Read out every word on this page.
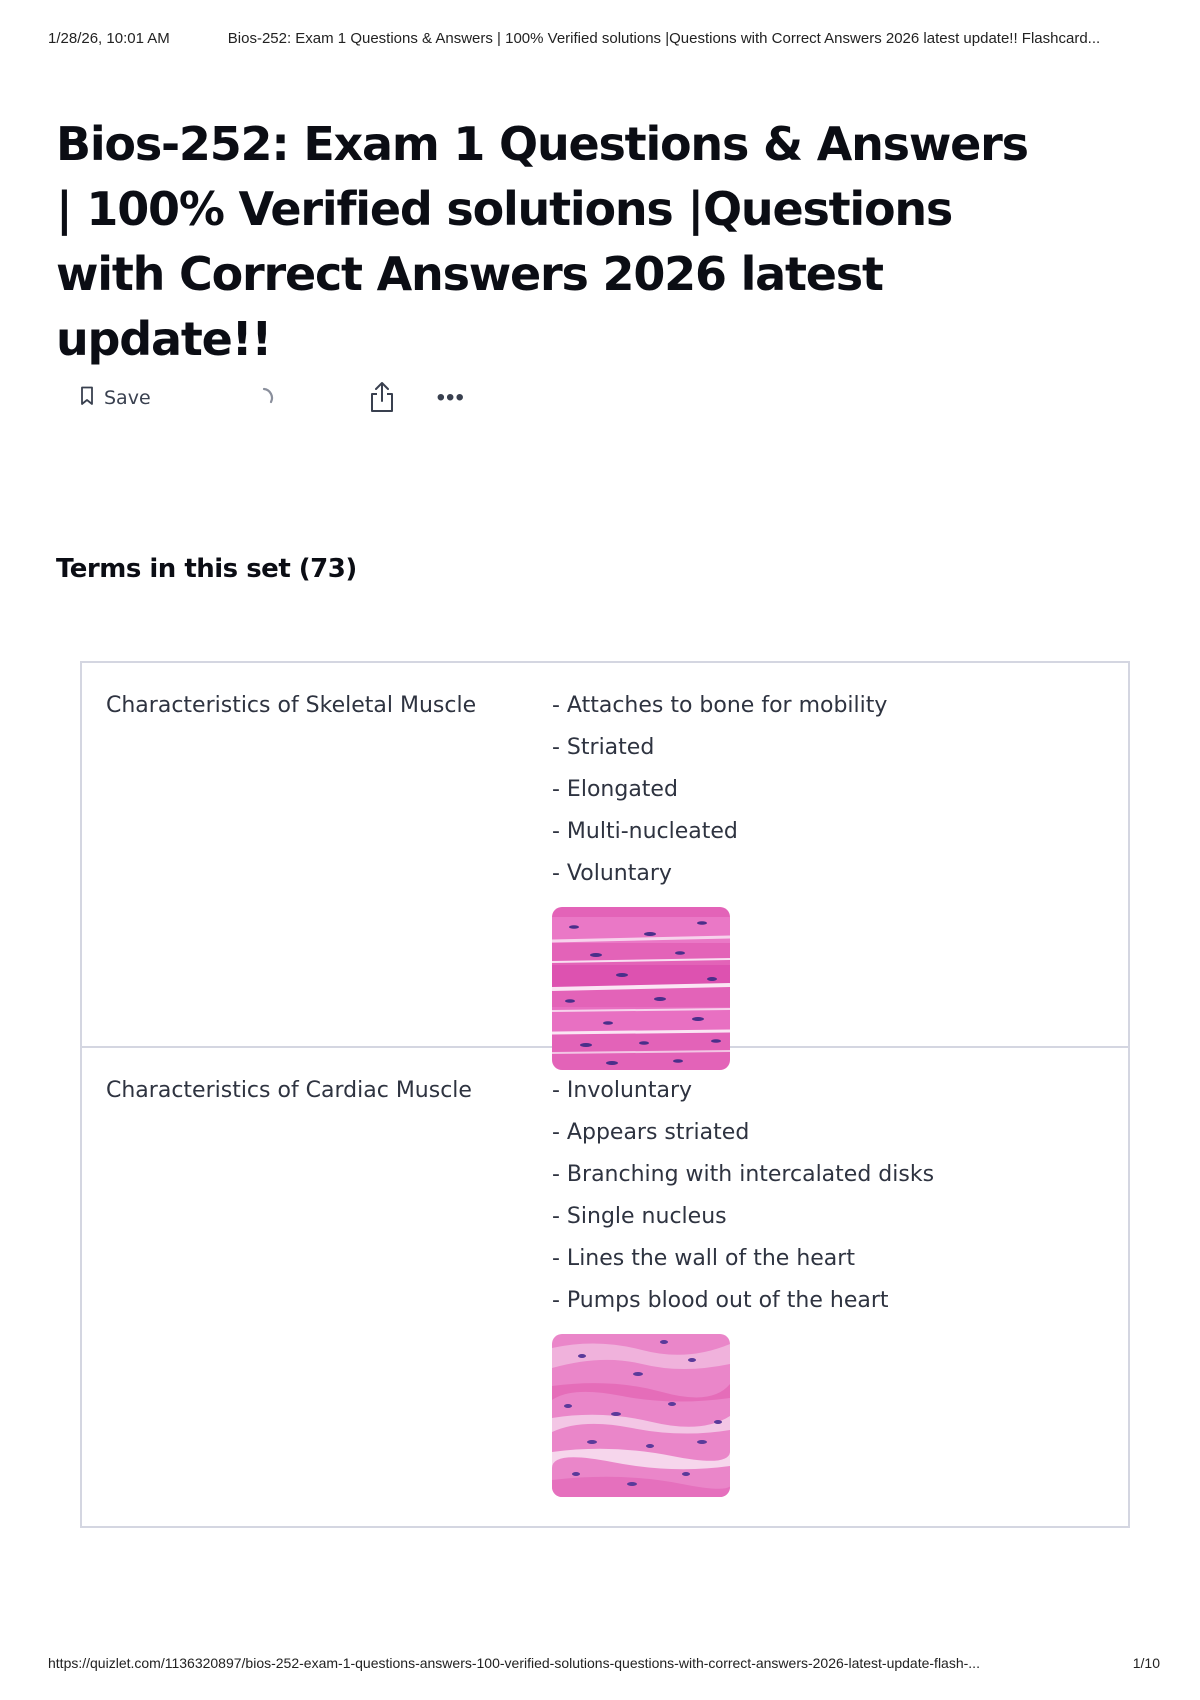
1/28/26, 10:01 AM	Bios-252: Exam 1 Questions & Answers | 100% Verified solutions |Questions with Correct Answers 2026 latest update!! Flashcard...
Bios-252: Exam 1 Questions & Answers | 100% Verified solutions |Questions with Correct Answers 2026 latest update!!
Save	•••
Terms in this set (73)
Characteristics of Skeletal Muscle	- Attaches to bone for mobility
- Striated
- Elongated
- Multi-nucleated
- Voluntary
Characteristics of Cardiac Muscle	- Involuntary
- Appears striated
- Branching with intercalated disks
- Single nucleus
- Lines the wall of the heart
- Pumps blood out of the heart
https://quizlet.com/1136320897/bios-252-exam-1-questions-answers-100-verified-solutions-questions-with-correct-answers-2026-latest-update-flash-...	1/10
